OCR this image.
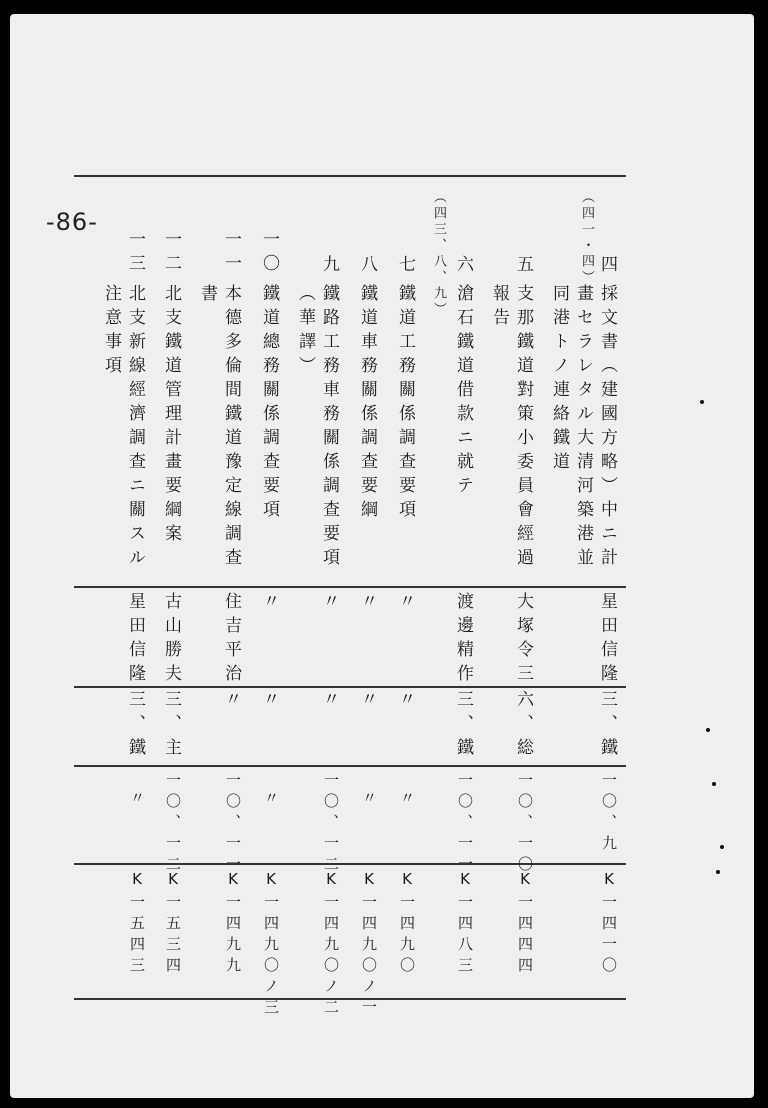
-86-
四
（四一・四）
採文書（建國方略）中ニ計
畫セラレタル大清河築港並
同港トノ連絡鐵道
星田信隆
三、
鐵
一〇、九
K一四一〇
五
支那鐵道對策小委員會經過
報告
大塚令三
六、
総
一〇、一〇
K一四四四
六
（四三、八、九）
滄石鐵道借款ニ就テ
渡邊精作
三、
鐵
一〇、一一
K一四八三
七
鐵道工務關係調查要項
〃
〃
〃
K一四九〇
八
鐵道車務關係調查要綱
〃
〃
〃
K一四九〇ノ一
九
鐵路工務車務關係調查要項
（華譯）
〃
〃
一〇、一二
K一四九〇ノ二
一〇
鐵道總務關係調查要項
〃
〃
〃
K一四九〇ノ三
一一
本德多倫間鐵道豫定線調查
書
住吉平治
〃
一〇、一一
K一四九九
一二
北支鐵道管理計畫要綱案
古山勝夫
三、
主
一〇、一二
K一五三四
一三
北支新線經濟調查ニ關スル
注意事項
星田信隆
三、
鐵
〃
K一五四三
